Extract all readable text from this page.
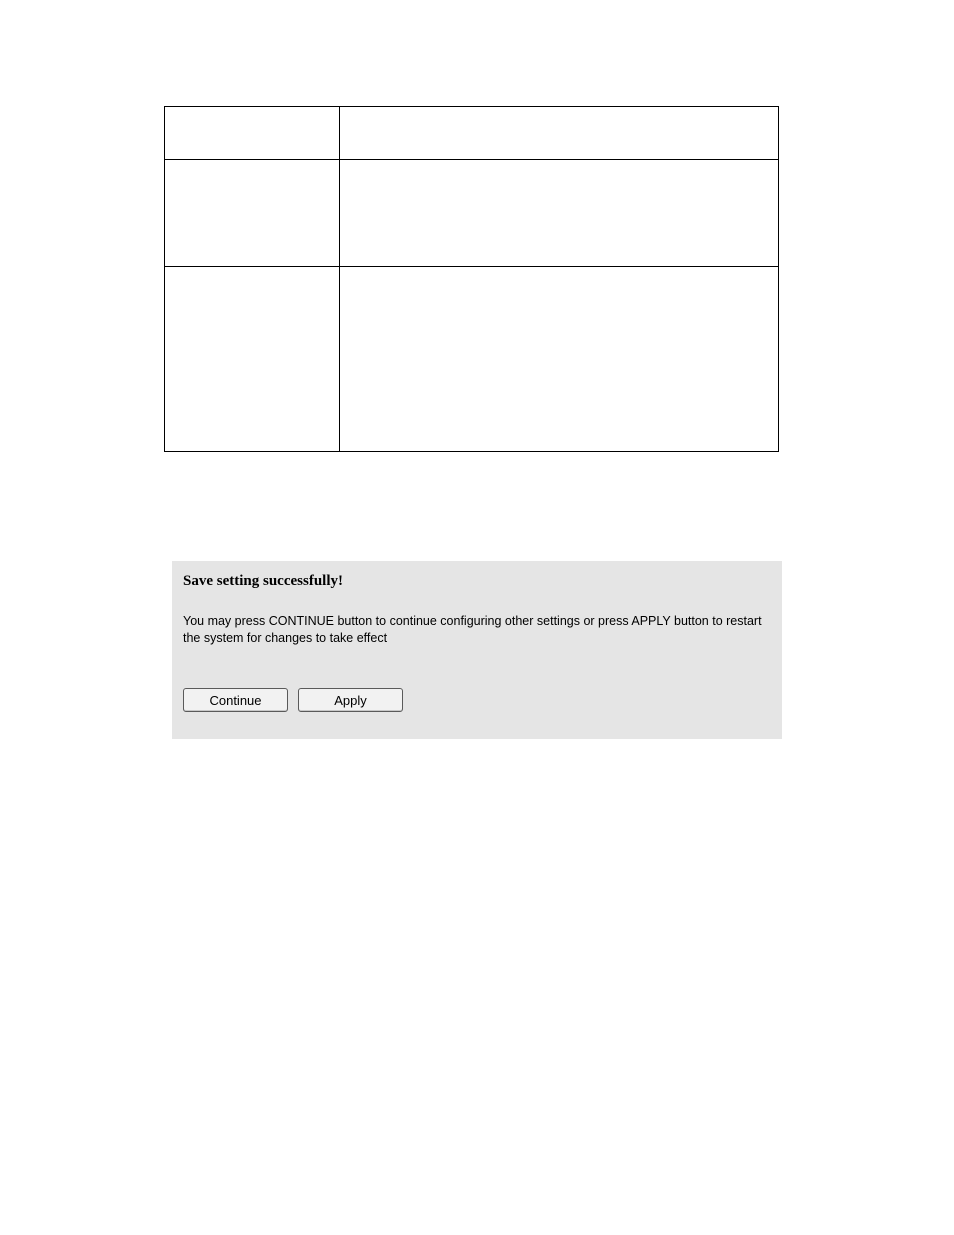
Save setting successfully!

You may press CONTINUE button to continue configuring other settings or press APPLY button to restart the system for changes to take effect

Continue	Apply
